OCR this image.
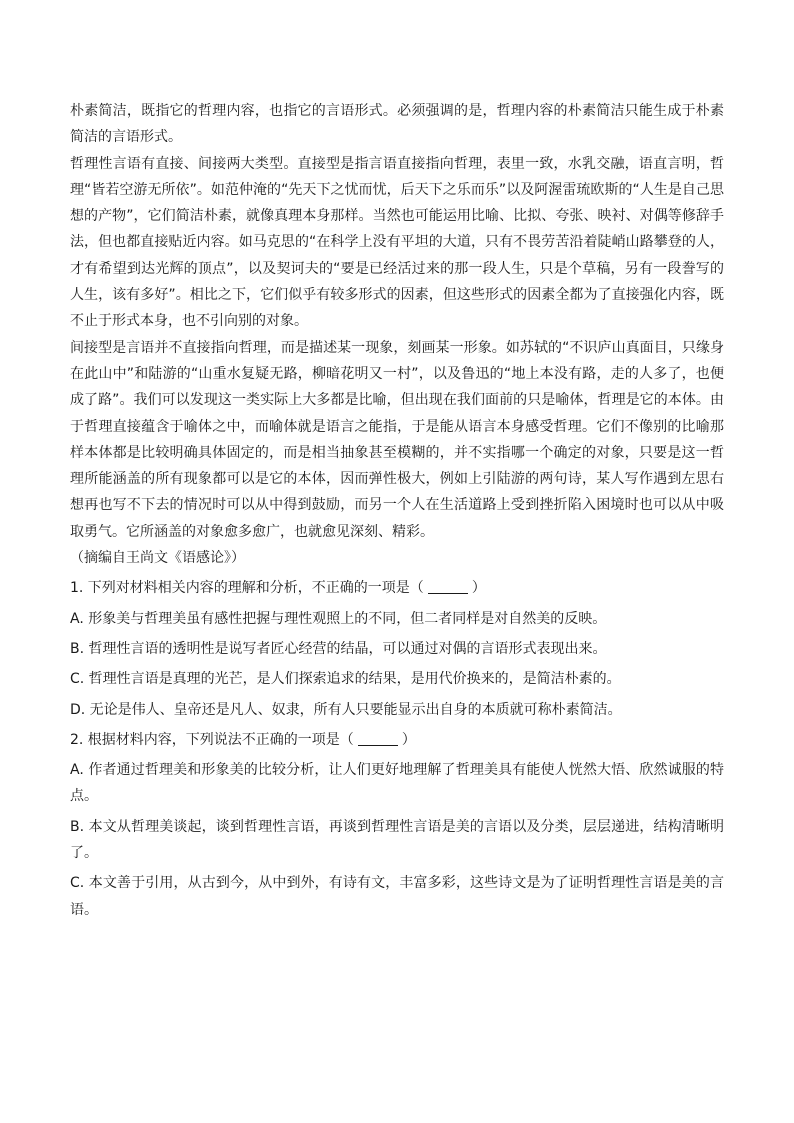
朴素简洁，既指它的哲理内容，也指它的言语形式。必须强调的是，哲理内容的朴素简洁只能生成于朴素简洁的言语形式。

哲理性言语有直接、间接两大类型。直接型是指言语直接指向哲理，表里一致，水乳交融，语直言明，哲理“皆若空游无所依”。如范仲淹的“先天下之忧而忧，后天下之乐而乐”以及阿渥雷琉欧斯的“人生是自己思想的产物”，它们简洁朴素，就像真理本身那样。当然也可能运用比喻、比拟、夸张、映衬、对偶等修辞手法，但也都直接贴近内容。如马克思的“在科学上没有平坦的大道，只有不畏劳苦沿着陡峭山路攀登的人，才有希望到达光辉的顶点”，以及契诃夫的“要是已经活过来的那一段人生，只是个草稿，另有一段誊写的人生，该有多好”。相比之下，它们似乎有较多形式的因素，但这些形式的因素全都为了直接强化内容，既不止于形式本身，也不引向别的对象。

间接型是言语并不直接指向哲理，而是描述某一现象，刻画某一形象。如苏轼的“不识庐山真面目，只缘身在此山中”和陆游的“山重水复疑无路，柳暗花明又一村”，以及鲁迅的“地上本没有路，走的人多了，也便成了路”。我们可以发现这一类实际上大多都是比喻，但出现在我们面前的只是喻体，哲理是它的本体。由于哲理直接蕴含于喻体之中，而喻体就是语言之能指，于是能从语言本身感受哲理。它们不像别的比喻那样本体都是比较明确具体固定的，而是相当抽象甚至模糊的，并不实指哪一个确定的对象，只要是这一哲理所能涵盖的所有现象都可以是它的本体，因而弹性极大，例如上引陆游的两句诗，某人写作遇到左思右想再也写不下去的情况时可以从中得到鼓励，而另一个人在生活道路上受到挫折陷入困境时也可以从中吸取勇气。它所涵盖的对象愈多愈广，也就愈见深刻、精彩。

（摘编自王尚文《语感论》）

1. 下列对材料相关内容的理解和分析，不正确的一项是（	）

A. 形象美与哲理美虽有感性把握与理性观照上的不同，但二者同样是对自然美的反映。

B. 哲理性言语的透明性是说写者匠心经营的结晶，可以通过对偶的言语形式表现出来。

C. 哲理性言语是真理的光芒，是人们探索追求的结果，是用代价换来的，是简洁朴素的。

D. 无论是伟人、皇帝还是凡人、奴隶，所有人只要能显示出自身的本质就可称朴素简洁。

2. 根据材料内容，下列说法不正确的一项是（	）

A. 作者通过哲理美和形象美的比较分析，让人们更好地理解了哲理美具有能使人恍然大悟、欣然诚服的特点。

B. 本文从哲理美谈起，谈到哲理性言语，再谈到哲理性言语是美的言语以及分类，层层递进，结构清晰明了。

C. 本文善于引用，从古到今，从中到外，有诗有文，丰富多彩，这些诗文是为了证明哲理性言语是美的言语。
